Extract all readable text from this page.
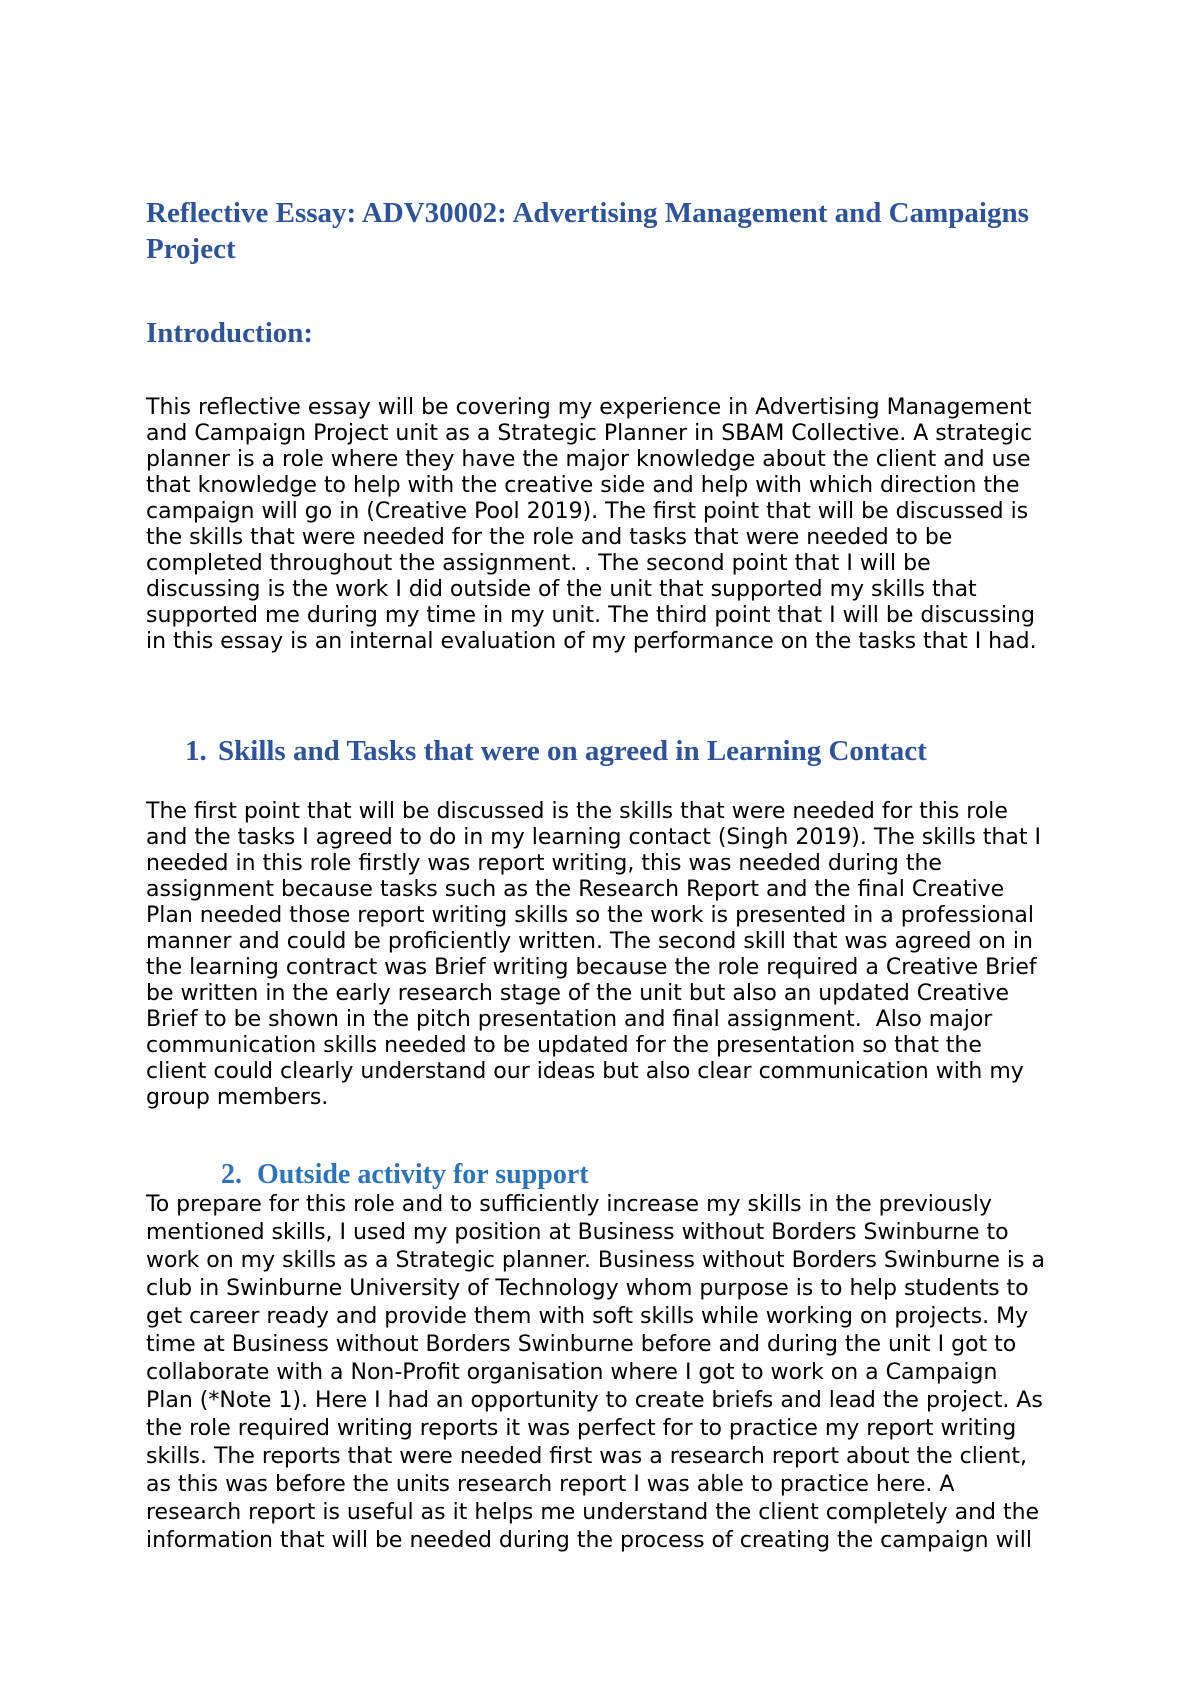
Reflective Essay: ADV30002: Advertising Management and Campaigns
Project
Introduction:
This reflective essay will be covering my experience in Advertising Management
and Campaign Project unit as a Strategic Planner in SBAM Collective. A strategic
planner is a role where they have the major knowledge about the client and use
that knowledge to help with the creative side and help with which direction the
campaign will go in (Creative Pool 2019). The first point that will be discussed is
the skills that were needed for the role and tasks that were needed to be
completed throughout the assignment. . The second point that I will be
discussing is the work I did outside of the unit that supported my skills that
supported me during my time in my unit. The third point that I will be discussing
in this essay is an internal evaluation of my performance on the tasks that I had.
1. Skills and Tasks that were on agreed in Learning Contact
The first point that will be discussed is the skills that were needed for this role
and the tasks I agreed to do in my learning contact (Singh 2019). The skills that I
needed in this role firstly was report writing, this was needed during the
assignment because tasks such as the Research Report and the final Creative
Plan needed those report writing skills so the work is presented in a professional
manner and could be proficiently written. The second skill that was agreed on in
the learning contract was Brief writing because the role required a Creative Brief
be written in the early research stage of the unit but also an updated Creative
Brief to be shown in the pitch presentation and final assignment.  Also major
communication skills needed to be updated for the presentation so that the
client could clearly understand our ideas but also clear communication with my
group members.
2. Outside activity for support
To prepare for this role and to sufficiently increase my skills in the previously
mentioned skills, I used my position at Business without Borders Swinburne to
work on my skills as a Strategic planner. Business without Borders Swinburne is a
club in Swinburne University of Technology whom purpose is to help students to
get career ready and provide them with soft skills while working on projects. My
time at Business without Borders Swinburne before and during the unit I got to
collaborate with a Non-Profit organisation where I got to work on a Campaign
Plan (*Note 1). Here I had an opportunity to create briefs and lead the project. As
the role required writing reports it was perfect for to practice my report writing
skills. The reports that were needed first was a research report about the client,
as this was before the units research report I was able to practice here. A
research report is useful as it helps me understand the client completely and the
information that will be needed during the process of creating the campaign will
